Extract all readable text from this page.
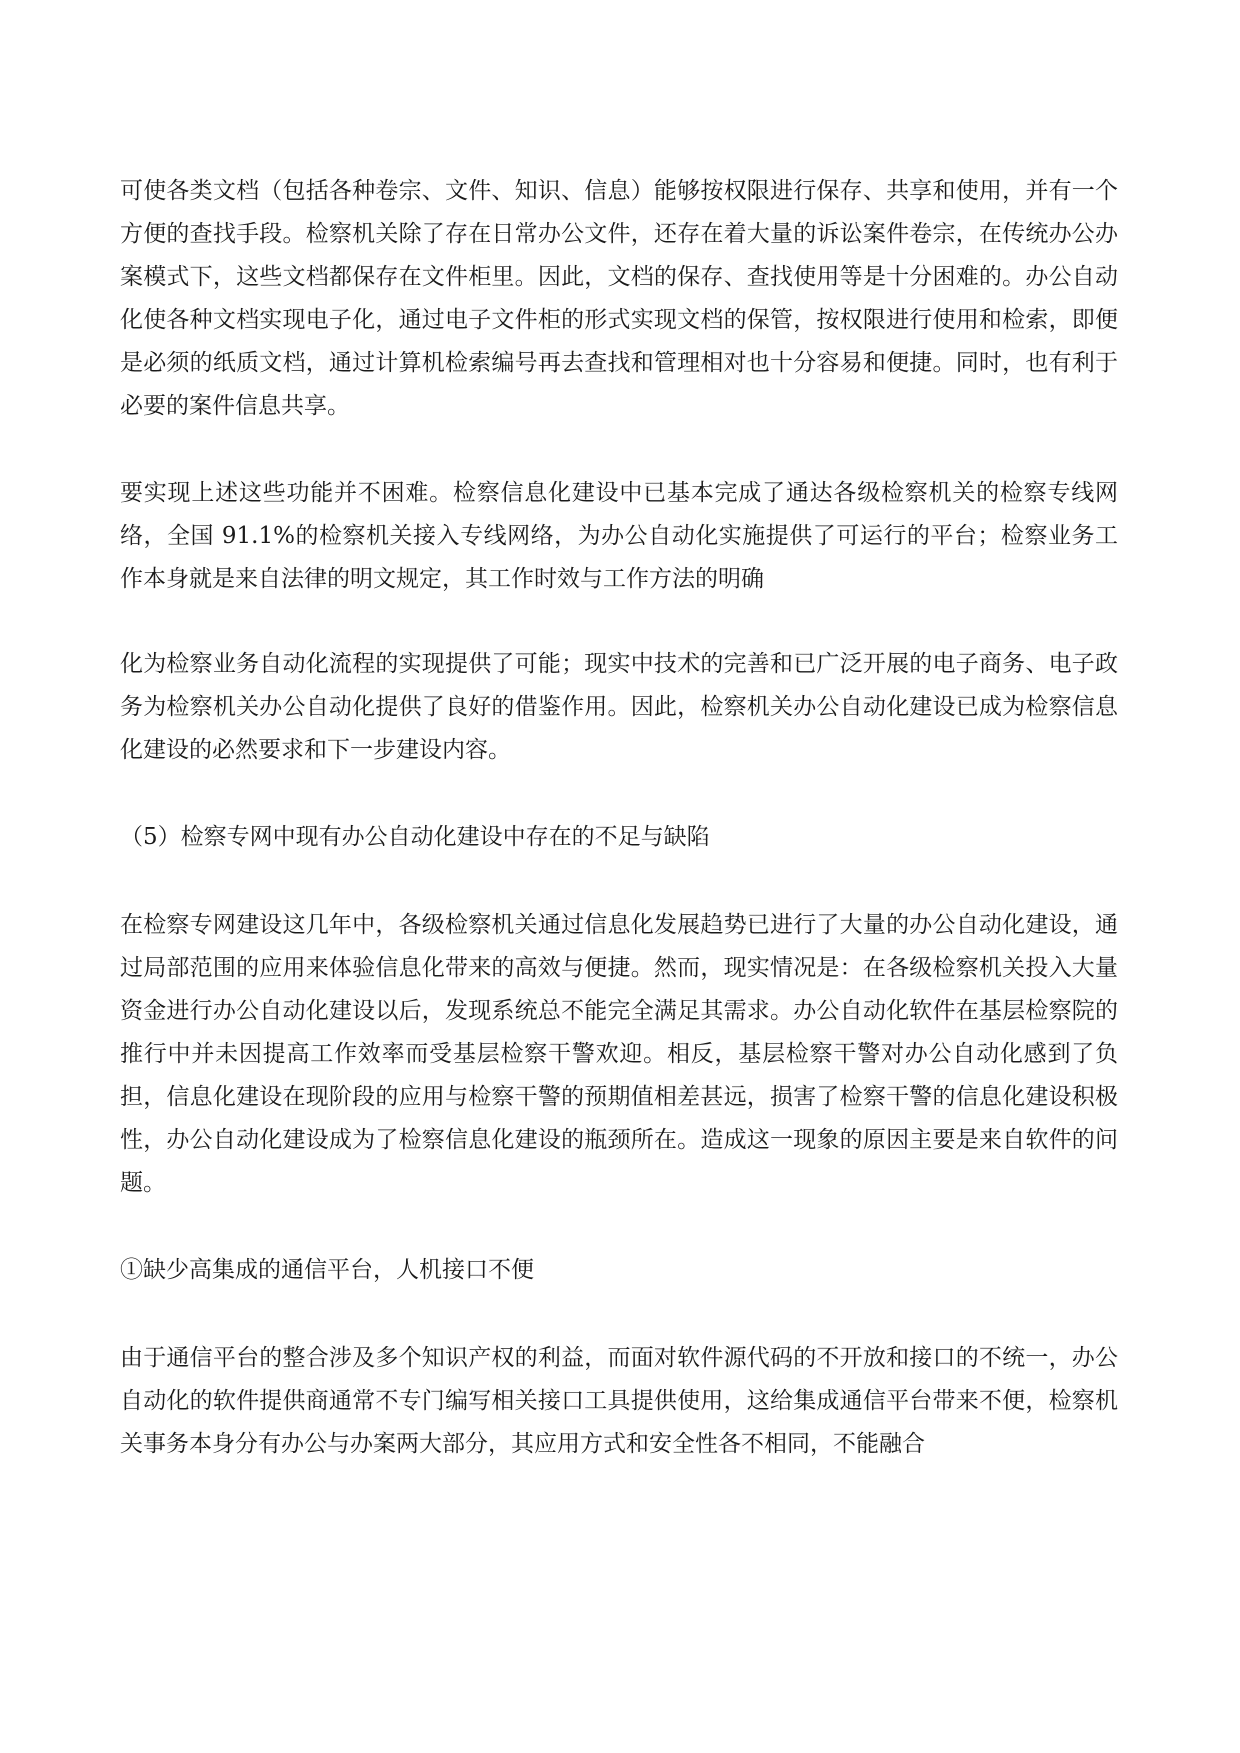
可使各类文档（包括各种卷宗、文件、知识、信息）能够按权限进行保存、共享和使用，并有一个方便的查找手段。检察机关除了存在日常办公文件，还存在着大量的诉讼案件卷宗，在传统办公办案模式下，这些文档都保存在文件柜里。因此，文档的保存、查找使用等是十分困难的。办公自动化使各种文档实现电子化，通过电子文件柜的形式实现文档的保管，按权限进行使用和检索，即便是必须的纸质文档，通过计算机检索编号再去查找和管理相对也十分容易和便捷。同时，也有利于必要的案件信息共享。

要实现上述这些功能并不困难。检察信息化建设中已基本完成了通达各级检察机关的检察专线网络，全国 91.1%的检察机关接入专线网络，为办公自动化实施提供了可运行的平台；检察业务工作本身就是来自法律的明文规定，其工作时效与工作方法的明确

化为检察业务自动化流程的实现提供了可能；现实中技术的完善和已广泛开展的电子商务、电子政务为检察机关办公自动化提供了良好的借鉴作用。因此，检察机关办公自动化建设已成为检察信息化建设的必然要求和下一步建设内容。

（5）检察专网中现有办公自动化建设中存在的不足与缺陷

在检察专网建设这几年中，各级检察机关通过信息化发展趋势已进行了大量的办公自动化建设，通过局部范围的应用来体验信息化带来的高效与便捷。然而，现实情况是：在各级检察机关投入大量资金进行办公自动化建设以后，发现系统总不能完全满足其需求。办公自动化软件在基层检察院的推行中并未因提高工作效率而受基层检察干警欢迎。相反，基层检察干警对办公自动化感到了负担，信息化建设在现阶段的应用与检察干警的预期值相差甚远，损害了检察干警的信息化建设积极性，办公自动化建设成为了检察信息化建设的瓶颈所在。造成这一现象的原因主要是来自软件的问题。

①缺少高集成的通信平台，人机接口不便

由于通信平台的整合涉及多个知识产权的利益，而面对软件源代码的不开放和接口的不统一，办公自动化的软件提供商通常不专门编写相关接口工具提供使用，这给集成通信平台带来不便，检察机关事务本身分有办公与办案两大部分，其应用方式和安全性各不相同，不能融合
